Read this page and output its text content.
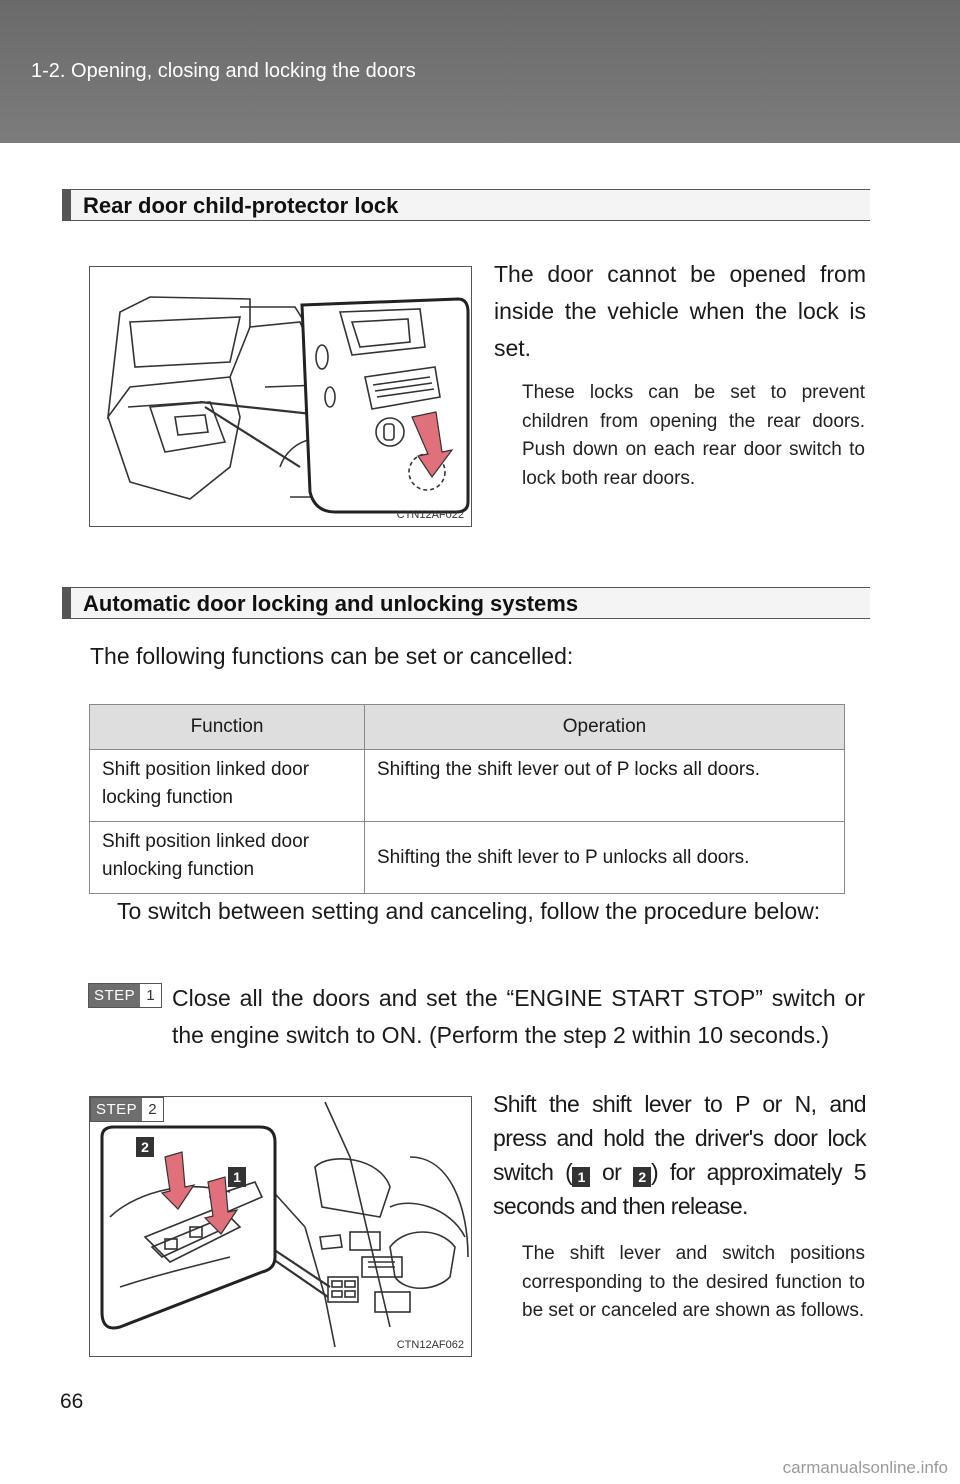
1-2. Opening, closing and locking the doors
Rear door child-protector lock
CTN12AF022
The door cannot be opened from inside the vehicle when the lock is set.
These locks can be set to prevent children from opening the rear doors. Push down on each rear door switch to lock both rear doors.
Automatic door locking and unlocking systems
The following functions can be set or cancelled:
Function	Operation
Shift position linked door locking function	Shifting the shift lever out of P locks all doors.
Shift position linked door unlocking function	Shifting the shift lever to P unlocks all doors.
To switch between setting and canceling, follow the procedure below:
STEP 1 Close all the doors and set the “ENGINE START STOP” switch or the engine switch to ON. (Perform the step 2 within 10 seconds.)
2
1
STEP 2
CTN12AF062
Shift the shift lever to P or N, and press and hold the driver's door lock switch ( 1 or 2 ) for approximately 5 seconds and then release.
The shift lever and switch positions corresponding to the desired function to be set or canceled are shown as follows.
66
carmanualsonline.info
